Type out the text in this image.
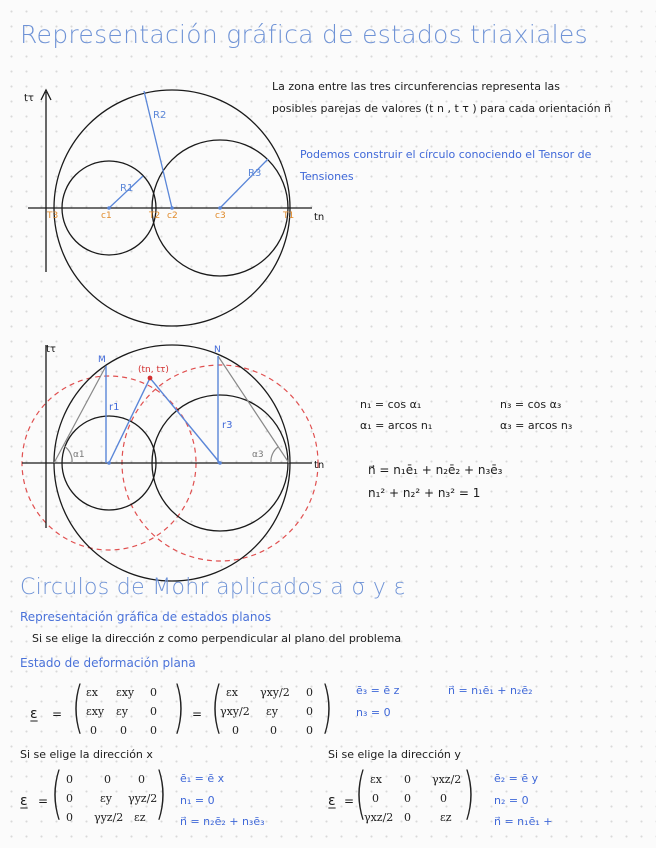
Representación gráfica de estados triaxiales
La zona entre las tres circunferencias representa las
posibles parejas de valores (t n , t τ ) para cada orientación n⃗
Podemos construir el círculo conociendo el Tensor de
Tensiones
tτ
tn
R2
R1
R3
T3	c1	T2 c2	c3	T1
tτ
tn
M
N
(tn, tτ)
r1
r3
α1	α3
n₁ = cos α₁
α₁ = arcos n₁
n₃ = cos α₃
α₃ = arcos n₃
n⃗ = n₁ē₁ + n₂ē₂ + n₃ē₃
n₁² + n₂² + n₃² = 1
Circulos de Mohr aplicados a σ y ε
Representación gráfica de estados planos
Si se elige la dirección z como perpendicular al plano del problema
Estado de deformación plana
ε̲ = ( )
εx εxy 0
εxy εy 0
0 0 0
= ( )
εx γxy/2 0
γxy/2 εy	0
0	0	0
ē₃ = ē z
n₃ = 0
n⃗ = n₁ē₁ + n₂ē₂
Si se elige la dirección x	Si se elige la dirección y
ε̲ = ( )
0	0 0
0 εy γyz/2
0 γyz/2 εz
ē₁ = ē x
n₁ = 0
n⃗ = n₂ē₂ + n₃ē₃
ε̲ = ( )
εx 0 γxz/2
0 0	0
γxz/2 0	εz
ē₂ = ē y
n₂ = 0
n⃗ = n₁ē₁ +
